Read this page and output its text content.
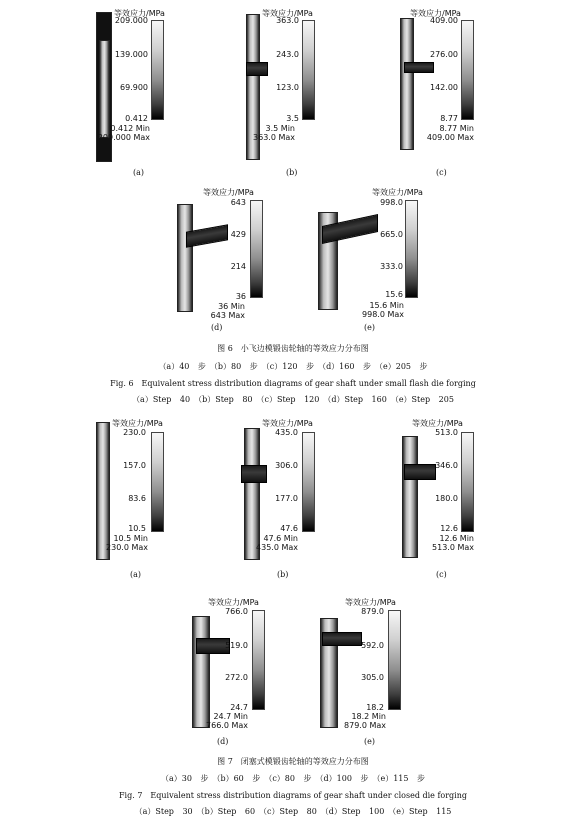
等效应力/MPa
209.000
139.000
69.900
0.412
0.412 Min
209.000 Max
(a)
等效应力/MPa
363.0
243.0
123.0
3.5
3.5 Min
363.0 Max
(b)
等效应力/MPa
409.00
276.00
142.00
8.77
8.77 Min
409.00 Max
(c)
等效应力/MPa
643
429
214
36
36 Min
643 Max
(d)
等效应力/MPa
998.0
665.0
333.0
15.6
15.6 Min
998.0 Max
(e)
图 6　小飞边模锻齿轮轴的等效应力分布图
（a）40 步　（b）80 步　（c）120 步　（d）160 步　（e）205 步
Fig. 6　Equivalent stress distribution diagrams of gear shaft under small flash die forging
（a）Step 40　（b）Step 80　（c）Step 120　（d）Step 160　（e）Step 205
等效应力/MPa
230.0
157.0
83.6
10.5
10.5 Min
230.0 Max
(a)
等效应力/MPa
435.0
306.0
177.0
47.6
47.6 Min
435.0 Max
(b)
等效应力/MPa
513.0
346.0
180.0
12.6
12.6 Min
513.0 Max
(c)
等效应力/MPa
766.0
519.0
272.0
24.7
24.7 Min
766.0 Max
(d)
等效应力/MPa
879.0
592.0
305.0
18.2
18.2 Min
879.0 Max
(e)
图 7　闭塞式模锻齿轮轴的等效应力分布图
（a）30 步　（b）60 步　（c）80 步　（d）100 步　（e）115 步
Fig. 7　Equivalent stress distribution diagrams of gear shaft under closed die forging
（a）Step 30　（b）Step 60　（c）Step 80　（d）Step 100　（e）Step 115
